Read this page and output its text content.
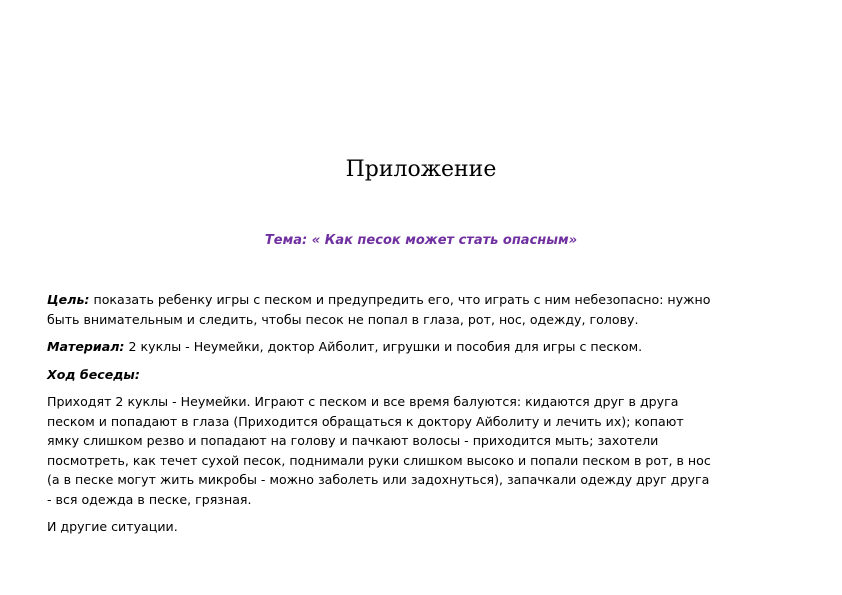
Приложение
Тема: « Как песок может стать опасным»

Цель: показать ребенку игры с песком и предупредить его, что играть с ним небезопасно: нужно
быть внимательным и следить, чтобы песок не попал в глаза, рот, нос, одежду, голову.

Материал: 2 куклы - Неумейки, доктор Айболит, игрушки и пособия для игры с песком.

Ход беседы:

Приходят 2 куклы - Неумейки. Играют с песком и все время балуются: кидаются друг в друга
песком и попадают в глаза (Приходится обращаться к доктору Айболиту и лечить их); копают
ямку слишком резво и попадают на голову и пачкают волосы - приходится мыть; захотели
посмотреть, как течет сухой песок, поднимали руки слишком высоко и попали песком в рот, в нос
(а в песке могут жить микробы - можно заболеть или задохнуться), запачкали одежду друг друга
- вся одежда в песке, грязная.

И другие ситуации.
